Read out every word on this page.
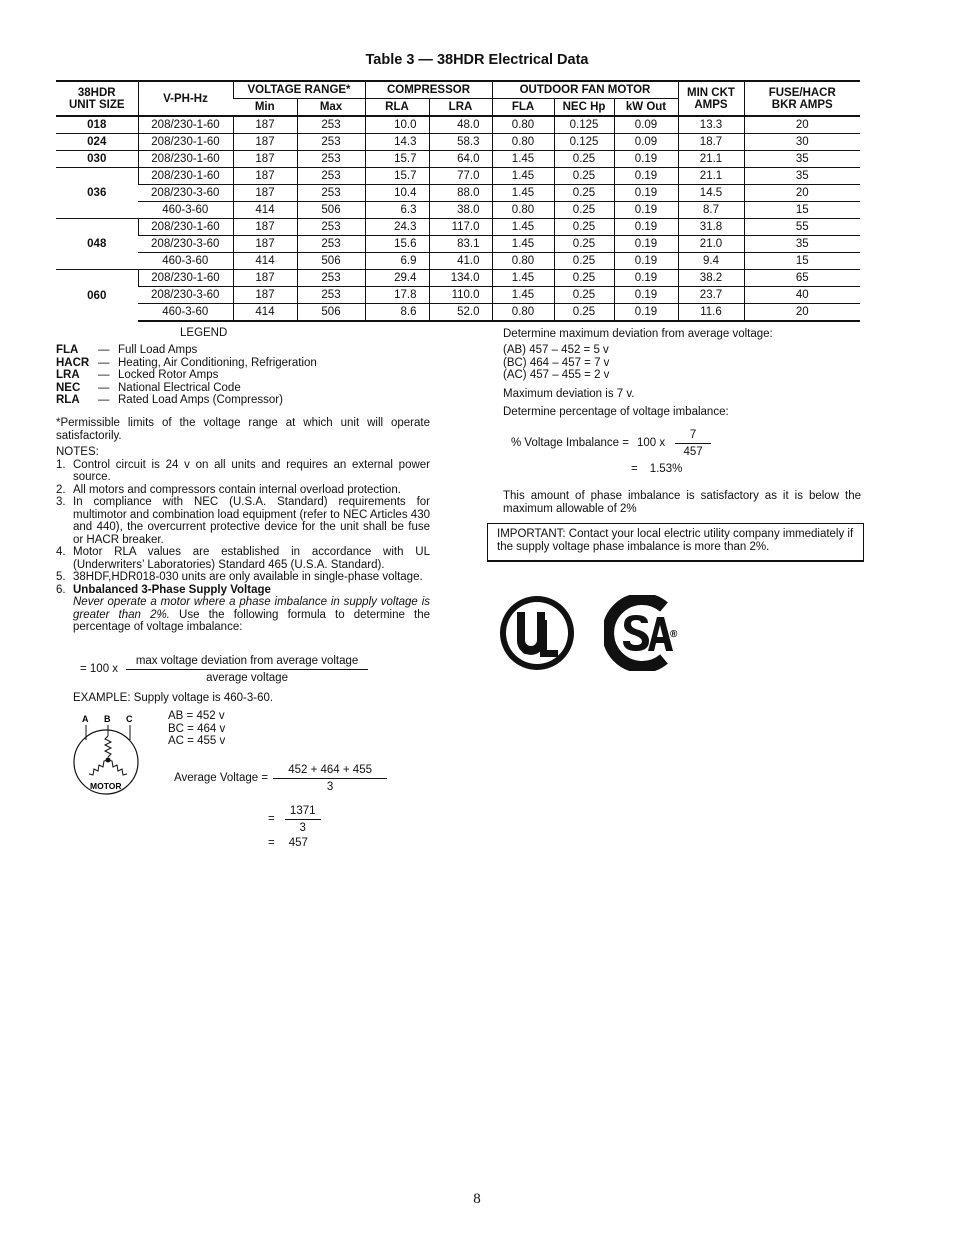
Table 3 — 38HDR Electrical Data
38HDR
UNIT SIZE	V-PH-Hz	VOLTAGE RANGE*		COMPRESSOR		OUTDOOR FAN MOTOR			MIN CKT
AMPS	FUSE/HACR
BKR AMPS
		Min	Max	RLA	LRA	FLA	NEC Hp	kW Out		
018	208/230-1-60	187	253	10.0	48.0	0.80	0.125	0.09	13.3	20
024	208/230-1-60	187	253	14.3	58.3	0.80	0.125	0.09	18.7	30
030	208/230-1-60	187	253	15.7	64.0	1.45	0.25	0.19	21.1	35
036	208/230-1-60	187	253	15.7	77.0	1.45	0.25	0.19	21.1	35
	208/230-3-60	187	253	10.4	88.0	1.45	0.25	0.19	14.5	20
	460-3-60	414	506	6.3	38.0	0.80	0.25	0.19	8.7	15
048	208/230-1-60	187	253	24.3	117.0	1.45	0.25	0.19	31.8	55
	208/230-3-60	187	253	15.6	83.1	1.45	0.25	0.19	21.0	35
	460-3-60	414	506	6.9	41.0	0.80	0.25	0.19	9.4	15
060	208/230-1-60	187	253	29.4	134.0	1.45	0.25	0.19	38.2	65
	208/230-3-60	187	253	17.8	110.0	1.45	0.25	0.19	23.7	40
	460-3-60	414	506	8.6	52.0	0.80	0.25	0.19	11.6	20
LEGEND
FLA	— Full Load Amps
HACR — Heating, Air Conditioning, Refrigeration
LRA	— Locked Rotor Amps
NEC	— National Electrical Code
RLA	— Rated Load Amps (Compressor)
*Permissible limits of the voltage range at which unit will operate satisfactorily.
NOTES:
1. Control circuit is 24 v on all units and requires an external power source.
2. All motors and compressors contain internal overload protection.
3. In compliance with NEC (U.S.A. Standard) requirements for multimotor and combination load equipment (refer to NEC Articles 430 and 440), the overcurrent protective device for the unit shall be fuse or HACR breaker.
4. Motor RLA values are established in accordance with UL (Underwriters’ Laboratories) Standard 465 (U.S.A. Standard).
5. 38HDF,HDR018-030 units are only available in single-phase voltage.
6. Unbalanced 3-Phase Supply Voltage
Never operate a motor where a phase imbalance in supply voltage is greater than 2%. Use the following formula to determine the percentage of voltage imbalance:
= 100 x $\frac{\text{max voltage deviation from average voltage}}{\text{average voltage}}$
EXAMPLE: Supply voltage is 460-3-60.
A B C
MOTOR
AB = 452 v
BC = 464 v
AC = 455 v
Average Voltage = $\frac{452 + 464 + 455}{3}$
= $\frac{1371}{3}$
= 457
Determine maximum deviation from average voltage:
(AB) 457 – 452 = 5 v
(BC) 464 – 457 = 7 v
(AC) 457 – 455 = 2 v
Maximum deviation is 7 v.
Determine percentage of voltage imbalance:
% Voltage Imbalance = 100 x $\frac{7}{457}$
= 1.53%
This amount of phase imbalance is satisfactory as it is below the maximum allowable of 2%
IMPORTANT: Contact your local electric utility company immediately if the supply voltage phase imbalance is more than 2%.
®
UL
®
CSA
8
